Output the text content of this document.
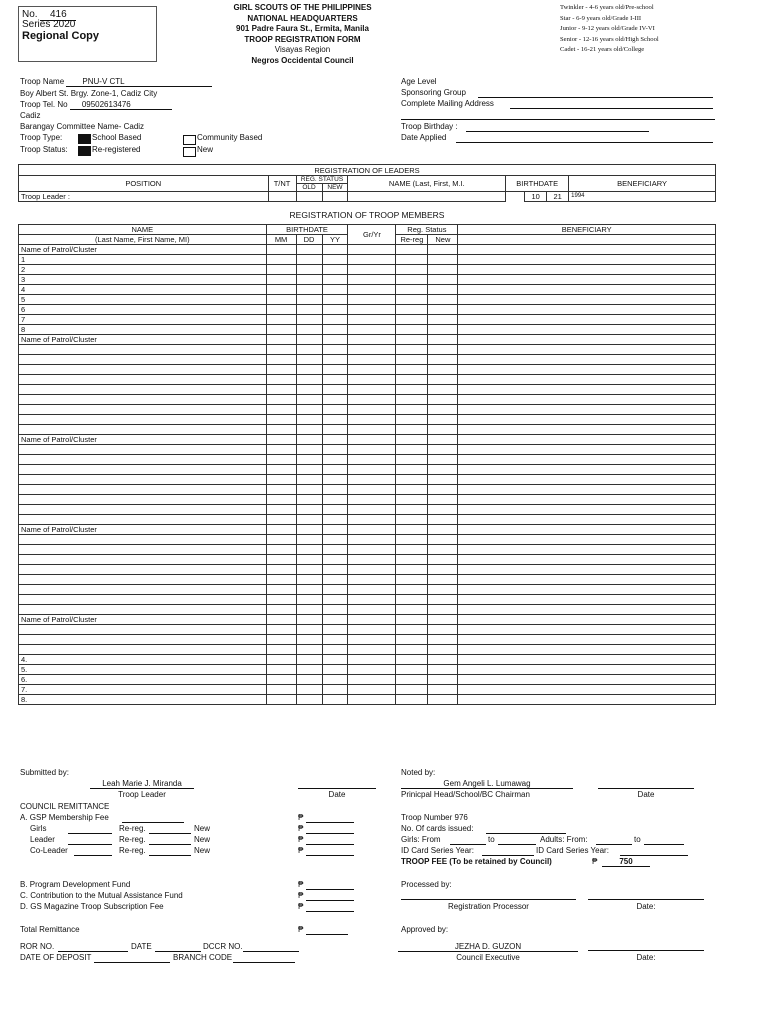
No. 416
Series 2020
Regional Copy
GIRL SCOUTS OF THE PHILIPPINES
NATIONAL HEADQUARTERS
901 Padre Faura St., Ermita, Manila
TROOP REGISTRATION FORM
Visayas Region
Negros Occidental Council
Twinkler - 4-6 years old/Pre-school
Star - 6-9 years old/Grade I-III
Junior - 9-12 years old/Grade IV-VI
Senior - 12-16 years old/High School
Cadet - 16-21 years old/College
Troop Name PNU-V CTL
Boy Albert St. Brgy. Zone-1, Cadiz City
Troop Tel. No 09502613476
Cadiz
Barangay Committee Name- Cadiz
Troop Type:	School Based	Community Based
Troop Status:	Re-registered	New
Age Level
Sponsoring Group
Complete Mailing Address
Troop Birthday :
Date Applied
REGISTRATION OF LEADERS								
POSITION	T/NT	REG. STATUS		NAME (Last, First, M.I.	BIRTHDATE			BENEFICIARY
		OLD	NEW					
Troop Leader :						10	21	1994
REGISTRATION OF TROOP MEMBERS
NAME	BIRTHDATE			Gr/Yr	Reg. Status		BENEFICIARY
(Last Name, First Name, MI)	MM	DD	YY		Re-reg	New	
Name of Patrol/Cluster							
1							
2							
3							
4							
5							
6							
7							
8							
Name of Patrol/Cluster							

Name of Patrol/Cluster							

Name of Patrol/Cluster							

Name of Patrol/Cluster							

4.							
5.							
6.							
7.							
8.							
Submitted by:
Leah Marie J. Miranda
Troop Leader	Date
Noted by:
Gem Angeli L. Lumawag
Prinicpal Head/School/BC Chairman	Date
COUNCIL REMITTANCE
A. GSP Membership Fee
Girls	Re-reg.	New
Leader	Re-reg.	New
Co-Leader	Re-reg.	New
₱
₱
₱
₱
Troop Number 976
No. Of cards issued:
Girls: From	to	Adults: From:	to
ID Card Series Year:	ID Card Series Year:
TROOP FEE (To be retained by Council)	₱	750
B. Program Development Fund
C. Contribution to the Mutual Assistance Fund
D. GS Magazine Troop Subscription Fee
₱
₱
₱
Processed by:
Registration Processor	Date:
Total Remittance	₱	Approved by:
JEZHA D. GUZON
Council Executive	Date:
ROR NO.	DATE	DCCR NO.
DATE OF DEPOSIT	BRANCH CODE
